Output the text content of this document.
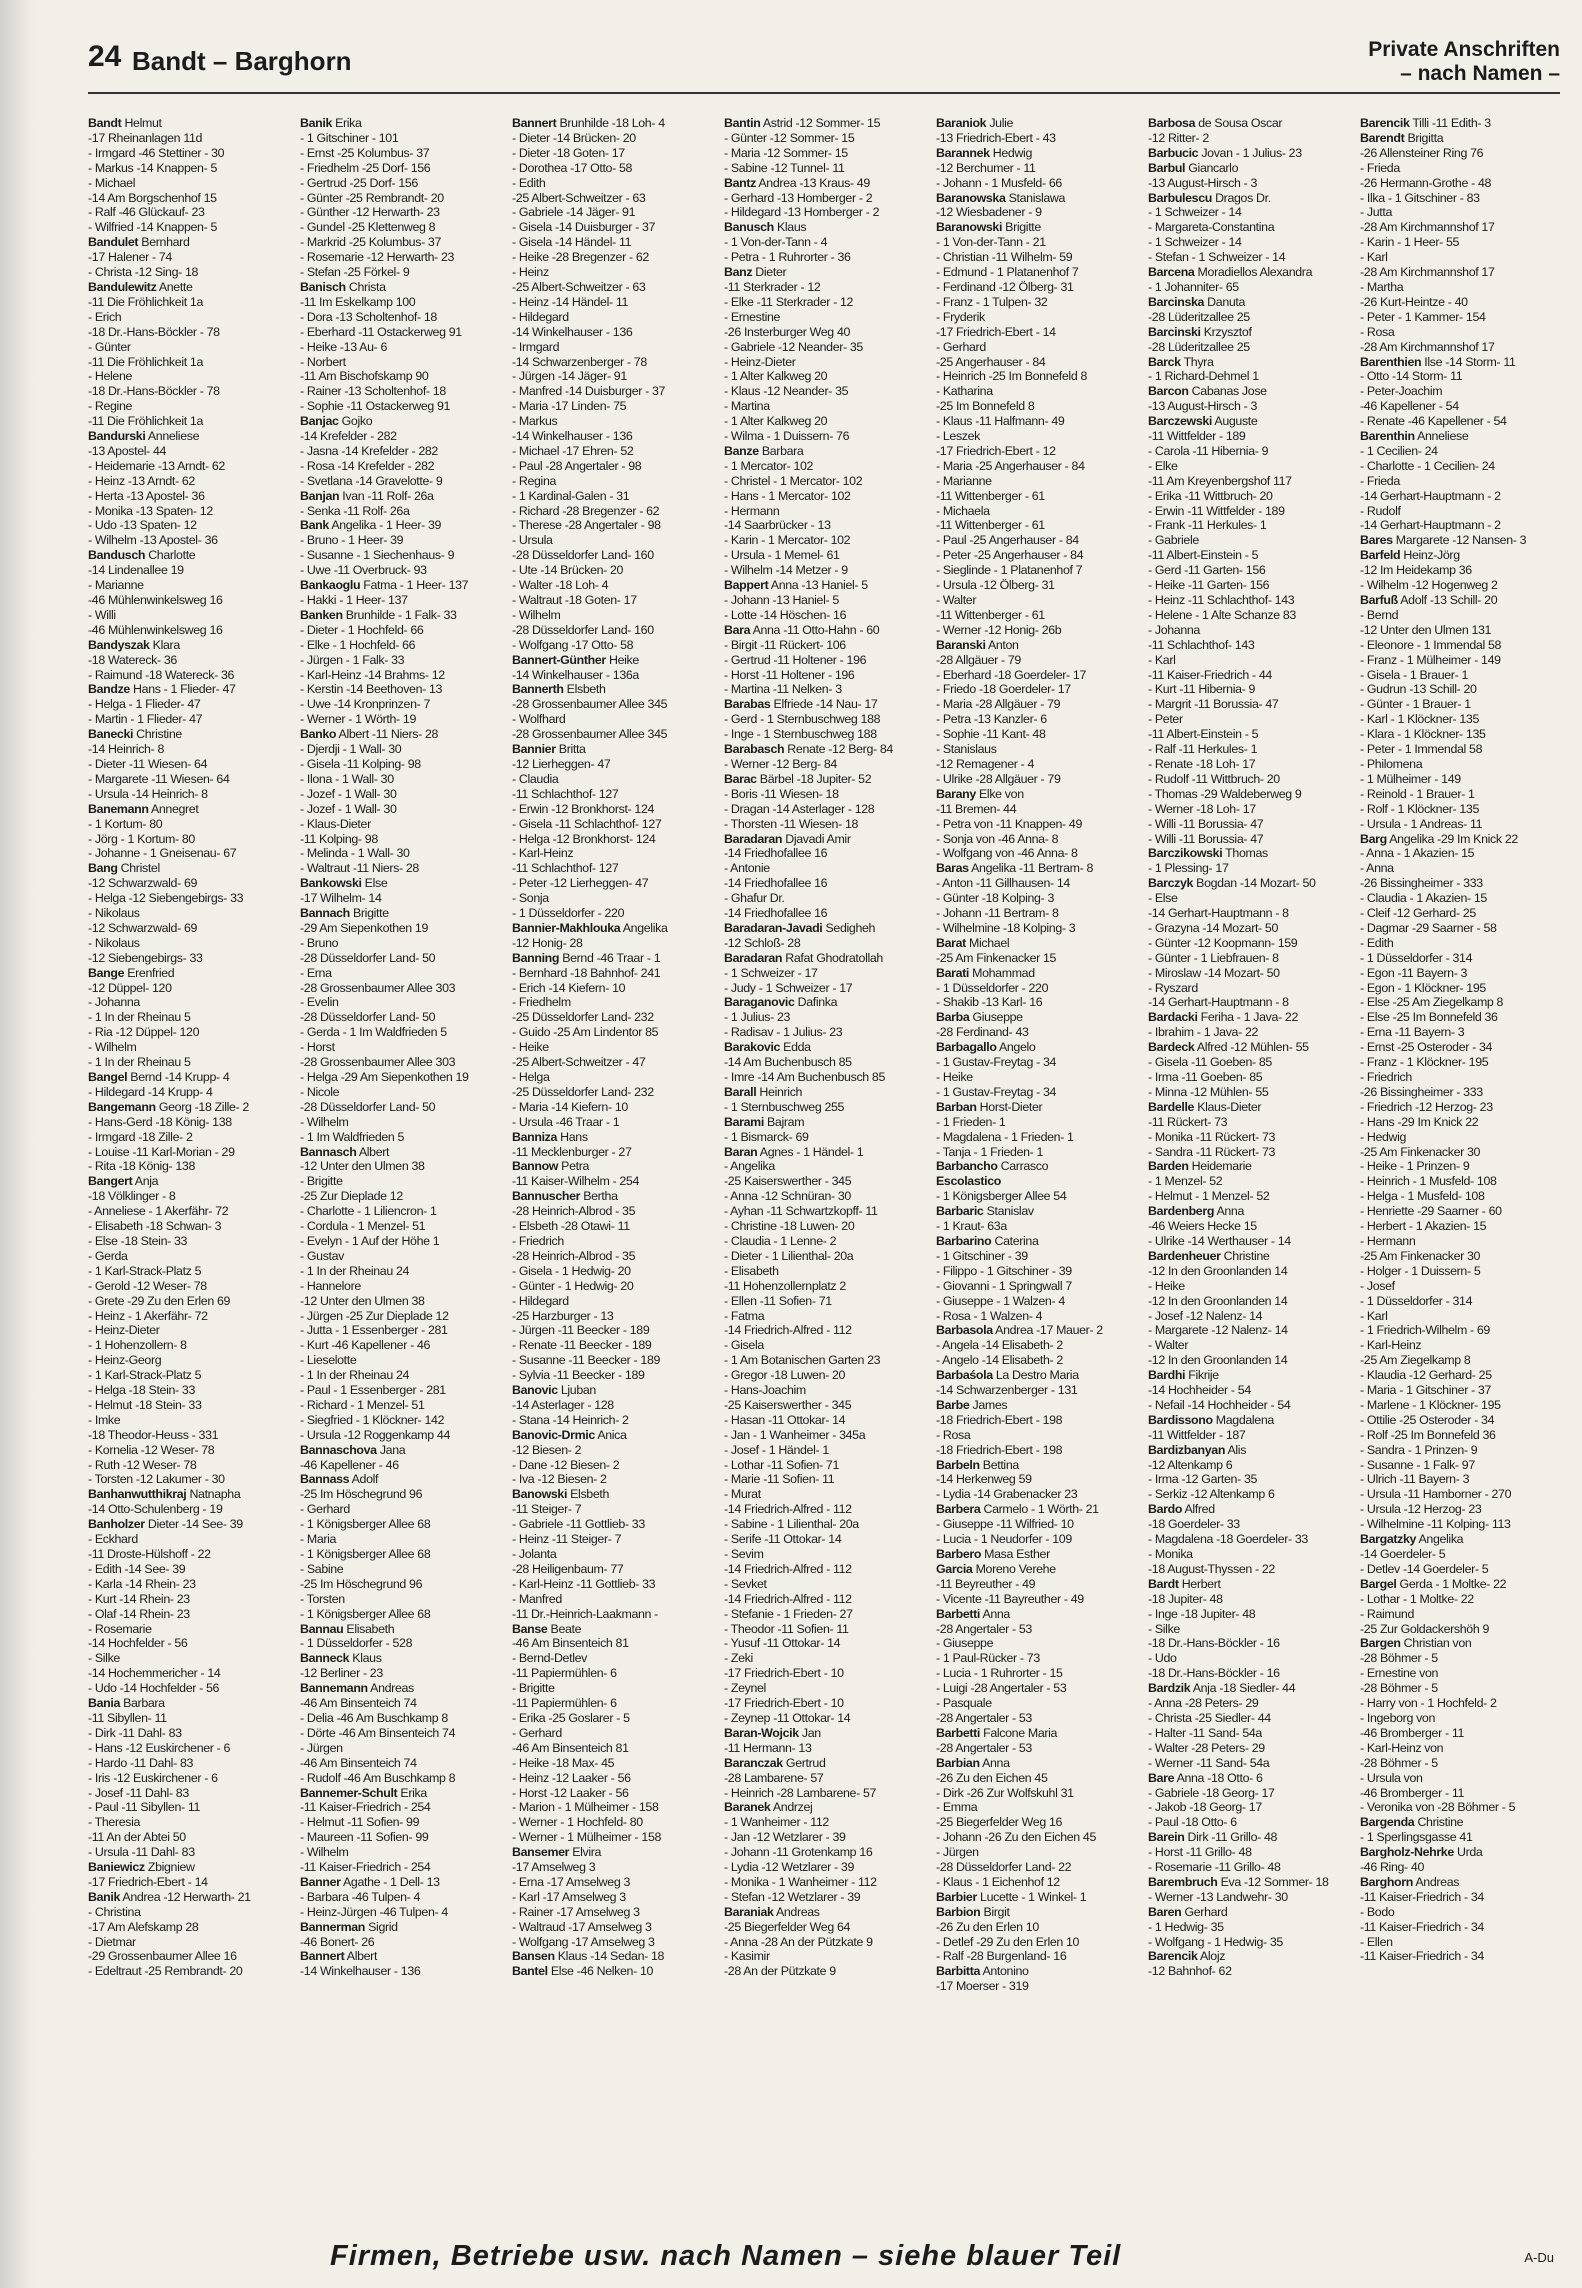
24 Bandt – Barghorn	Private Anschriften
– nach Namen –
Bandt Helmut
-17 Rheinanlagen 11d
- Irmgard -46 Stettiner - 30
- Markus -14 Knappen- 5
- Michael
-14 Am Borgschenhof 15
- Ralf -46 Glückauf- 23
- Wilfried -14 Knappen- 5
Bandulet Bernhard
-17 Halener - 74
- Christa -12 Sing- 18
Bandulewitz Anette
-11 Die Fröhlichkeit 1a
- Erich
-18 Dr.-Hans-Böckler - 78
- Günter
-11 Die Fröhlichkeit 1a
- Helene
-18 Dr.-Hans-Böckler - 78
- Regine
-11 Die Fröhlichkeit 1a
Bandurski Anneliese
-13 Apostel- 44
- Heidemarie -13 Arndt- 62
- Heinz -13 Arndt- 62
- Herta -13 Apostel- 36
- Monika -13 Spaten- 12
- Udo -13 Spaten- 12
- Wilhelm -13 Apostel- 36
Bandusch Charlotte
-14 Lindenallee 19
- Marianne
-46 Mühlenwinkelsweg 16
- Willi
-46 Mühlenwinkelsweg 16
Bandyszak Klara
-18 Watereck- 36
- Raimund -18 Watereck- 36
Bandze Hans - 1 Flieder- 47
- Helga - 1 Flieder- 47
- Martin - 1 Flieder- 47
Banecki Christine
-14 Heinrich- 8
- Dieter -11 Wiesen- 64
- Margarete -11 Wiesen- 64
- Ursula -14 Heinrich- 8
Banemann Annegret
- 1 Kortum- 80
- Jörg - 1 Kortum- 80
- Johanne - 1 Gneisenau- 67
Bang Christel
-12 Schwarzwald- 69
- Helga -12 Siebengebirgs- 33
- Nikolaus
-12 Schwarzwald- 69
- Nikolaus
-12 Siebengebirgs- 33
Bange Erenfried
-12 Düppel- 120
- Johanna
- 1 In der Rheinau 5
- Ria -12 Düppel- 120
- Wilhelm
- 1 In der Rheinau 5
Bangel Bernd -14 Krupp- 4
- Hildegard -14 Krupp- 4
Bangemann Georg -18 Zille- 2
- Hans-Gerd -18 König- 138
- Irmgard -18 Zille- 2
- Louise -11 Karl-Morian - 29
- Rita -18 König- 138
Bangert Anja
-18 Völklinger - 8
- Anneliese - 1 Akerfähr- 72
- Elisabeth -18 Schwan- 3
- Else -18 Stein- 33
- Gerda
- 1 Karl-Strack-Platz 5
- Gerold -12 Weser- 78
- Grete -29 Zu den Erlen 69
- Heinz - 1 Akerfähr- 72
- Heinz-Dieter
- 1 Hohenzollern- 8
- Heinz-Georg
- 1 Karl-Strack-Platz 5
- Helga -18 Stein- 33
- Helmut -18 Stein- 33
- Imke
-18 Theodor-Heuss - 331
- Kornelia -12 Weser- 78
- Ruth -12 Weser- 78
- Torsten -12 Lakumer - 30
Banhanwutthikraj Natnapha
-14 Otto-Schulenberg - 19
Banholzer Dieter -14 See- 39
- Eckhard
-11 Droste-Hülshoff - 22
- Edith -14 See- 39
- Karla -14 Rhein- 23
- Kurt -14 Rhein- 23
- Olaf -14 Rhein- 23
- Rosemarie
-14 Hochfelder - 56
- Silke
-14 Hochemmericher - 14
- Udo -14 Hochfelder - 56
Bania Barbara
-11 Sibyllen- 11
- Dirk -11 Dahl- 83
- Hans -12 Euskirchener - 6
- Hardo -11 Dahl- 83
- Iris -12 Euskirchener - 6
- Josef -11 Dahl- 83
- Paul -11 Sibyllen- 11
- Theresia
-11 An der Abtei 50
- Ursula -11 Dahl- 83
Baniewicz Zbigniew
-17 Friedrich-Ebert - 14
Banik Andrea -12 Herwarth- 21
- Christina
-17 Am Alefskamp 28
- Dietmar
-29 Grossenbaumer Allee 16
- Edeltraut -25 Rembrandt- 20
Banik Erika
- 1 Gitschiner - 101
- Ernst -25 Kolumbus- 37
- Friedhelm -25 Dorf- 156
- Gertrud -25 Dorf- 156
- Günter -25 Rembrandt- 20
- Günther -12 Herwarth- 23
- Gundel -25 Klettenweg 8
- Markrid -25 Kolumbus- 37
- Rosemarie -12 Herwarth- 23
- Stefan -25 Förkel- 9
Banisch Christa
-11 Im Eskelkamp 100
- Dora -13 Scholtenhof- 18
- Eberhard -11 Ostackerweg 91
- Heike -13 Au- 6
- Norbert
-11 Am Bischofskamp 90
- Rainer -13 Scholtenhof- 18
- Sophie -11 Ostackerweg 91
Banjac Gojko
-14 Krefelder - 282
- Jasna -14 Krefelder - 282
- Rosa -14 Krefelder - 282
- Svetlana -14 Gravelotte- 9
Banjan Ivan -11 Rolf- 26a
- Senka -11 Rolf- 26a
Bank Angelika - 1 Heer- 39
- Bruno - 1 Heer- 39
- Susanne - 1 Siechenhaus- 9
- Uwe -11 Overbruck- 93
Bankaoglu Fatma - 1 Heer- 137
- Hakki - 1 Heer- 137
Banken Brunhilde - 1 Falk- 33
- Dieter - 1 Hochfeld- 66
- Elke - 1 Hochfeld- 66
- Jürgen - 1 Falk- 33
- Karl-Heinz -14 Brahms- 12
- Kerstin -14 Beethoven- 13
- Uwe -14 Kronprinzen- 7
- Werner - 1 Wörth- 19
Banko Albert -11 Niers- 28
- Djerdji - 1 Wall- 30
- Gisela -11 Kolping- 98
- Ilona - 1 Wall- 30
- Jozef - 1 Wall- 30
- Jozef - 1 Wall- 30
- Klaus-Dieter
-11 Kolping- 98
- Melinda - 1 Wall- 30
- Waltraut -11 Niers- 28
Bankowski Else
-17 Wilhelm- 14
Bannach Brigitte
-29 Am Siepenkothen 19
- Bruno
-28 Düsseldorfer Land- 50
- Erna
-28 Grossenbaumer Allee 303
- Evelin
-28 Düsseldorfer Land- 50
- Gerda - 1 Im Waldfrieden 5
- Horst
-28 Grossenbaumer Allee 303
- Helga -29 Am Siepenkothen 19
- Nicole
-28 Düsseldorfer Land- 50
- Wilhelm
- 1 Im Waldfrieden 5
Bannasch Albert
-12 Unter den Ulmen 38
- Brigitte
-25 Zur Dieplade 12
- Charlotte - 1 Liliencron- 1
- Cordula - 1 Menzel- 51
- Evelyn - 1 Auf der Höhe 1
- Gustav
- 1 In der Rheinau 24
- Hannelore
-12 Unter den Ulmen 38
- Jürgen -25 Zur Dieplade 12
- Jutta - 1 Essenberger - 281
- Kurt -46 Kapellener - 46
- Lieselotte
- 1 In der Rheinau 24
- Paul - 1 Essenberger - 281
- Richard - 1 Menzel- 51
- Siegfried - 1 Klöckner- 142
- Ursula -12 Roggenkamp 44
Bannaschova Jana
-46 Kapellener - 46
Bannass Adolf
-25 Im Höschegrund 96
- Gerhard
- 1 Königsberger Allee 68
- Maria
- 1 Königsberger Allee 68
- Sabine
-25 Im Höschegrund 96
- Torsten
- 1 Königsberger Allee 68
Bannau Elisabeth
- 1 Düsseldorfer - 528
Banneck Klaus
-12 Berliner - 23
Bannemann Andreas
-46 Am Binsenteich 74
- Delia -46 Am Buschkamp 8
- Dörte -46 Am Binsenteich 74
- Jürgen
-46 Am Binsenteich 74
- Rudolf -46 Am Buschkamp 8
Bannemer-Schult Erika
-11 Kaiser-Friedrich - 254
- Helmut -11 Sofien- 99
- Maureen -11 Sofien- 99
- Wilhelm
-11 Kaiser-Friedrich - 254
Banner Agathe - 1 Dell- 13
- Barbara -46 Tulpen- 4
- Heinz-Jürgen -46 Tulpen- 4
Bannerman Sigrid
-46 Bonert- 26
Bannert Albert
-14 Winkelhauser - 136
Bannert Brunhilde -18 Loh- 4
- Dieter -14 Brücken- 20
- Dieter -18 Goten- 17
- Dorothea -17 Otto- 58
- Edith
-25 Albert-Schweitzer - 63
- Gabriele -14 Jäger- 91
- Gisela -14 Duisburger - 37
- Gisela -14 Händel- 11
- Heike -28 Bregenzer - 62
- Heinz
-25 Albert-Schweitzer - 63
- Heinz -14 Händel- 11
- Hildegard
-14 Winkelhauser - 136
- Irmgard
-14 Schwarzenberger - 78
- Jürgen -14 Jäger- 91
- Manfred -14 Duisburger - 37
- Maria -17 Linden- 75
- Markus
-14 Winkelhauser - 136
- Michael -17 Ehren- 52
- Paul -28 Angertaler - 98
- Regina
- 1 Kardinal-Galen - 31
- Richard -28 Bregenzer - 62
- Therese -28 Angertaler - 98
- Ursula
-28 Düsseldorfer Land- 160
- Ute -14 Brücken- 20
- Walter -18 Loh- 4
- Waltraut -18 Goten- 17
- Wilhelm
-28 Düsseldorfer Land- 160
- Wolfgang -17 Otto- 58
Bannert-Günther Heike
-14 Winkelhauser - 136a
Bannerth Elsbeth
-28 Grossenbaumer Allee 345
- Wolfhard
-28 Grossenbaumer Allee 345
Bannier Britta
-12 Lierheggen- 47
- Claudia
-11 Schlachthof- 127
- Erwin -12 Bronkhorst- 124
- Gisela -11 Schlachthof- 127
- Helga -12 Bronkhorst- 124
- Karl-Heinz
-11 Schlachthof- 127
- Peter -12 Lierheggen- 47
- Sonja
- 1 Düsseldorfer - 220
Bannier-Makhlouka Angelika
-12 Honig- 28
Banning Bernd -46 Traar - 1
- Bernhard -18 Bahnhof- 241
- Erich -14 Kiefern- 10
- Friedhelm
-25 Düsseldorfer Land- 232
- Guido -25 Am Lindentor 85
- Heike
-25 Albert-Schweitzer - 47
- Helga
-25 Düsseldorfer Land- 232
- Maria -14 Kiefern- 10
- Ursula -46 Traar - 1
Banniza Hans
-11 Mecklenburger - 27
Bannow Petra
-11 Kaiser-Wilhelm - 254
Bannuscher Bertha
-28 Heinrich-Albrod - 35
- Elsbeth -28 Otawi- 11
- Friedrich
-28 Heinrich-Albrod - 35
- Gisela - 1 Hedwig- 20
- Günter - 1 Hedwig- 20
- Hildegard
-25 Harzburger - 13
- Jürgen -11 Beecker - 189
- Renate -11 Beecker - 189
- Susanne -11 Beecker - 189
- Sylvia -11 Beecker - 189
Banovic Ljuban
-14 Asterlager - 128
- Stana -14 Heinrich- 2
Banovic-Drmic Anica
-12 Biesen- 2
- Dane -12 Biesen- 2
- Iva -12 Biesen- 2
Banowski Elsbeth
-11 Steiger- 7
- Gabriele -11 Gottlieb- 33
- Heinz -11 Steiger- 7
- Jolanta
-28 Heiligenbaum- 77
- Karl-Heinz -11 Gottlieb- 33
- Manfred
-11 Dr.-Heinrich-Laakmann -
Banse Beate
-46 Am Binsenteich 81
- Bernd-Detlev
-11 Papiermühlen- 6
- Brigitte
-11 Papiermühlen- 6
- Erika -25 Goslarer - 5
- Gerhard
-46 Am Binsenteich 81
- Heike -18 Max- 45
- Heinz -12 Laaker - 56
- Horst -12 Laaker - 56
- Marion - 1 Mülheimer - 158
- Werner - 1 Hochfeld- 80
- Werner - 1 Mülheimer - 158
Bansemer Elvira
-17 Amselweg 3
- Erna -17 Amselweg 3
- Karl -17 Amselweg 3
- Rainer -17 Amselweg 3
- Waltraud -17 Amselweg 3
- Wolfgang -17 Amselweg 3
Bansen Klaus -14 Sedan- 18
Bantel Else -46 Nelken- 10
Bantin Astrid -12 Sommer- 15
- Günter -12 Sommer- 15
- Maria -12 Sommer- 15
- Sabine -12 Tunnel- 11
Bantz Andrea -13 Kraus- 49
- Gerhard -13 Homberger - 2
- Hildegard -13 Homberger - 2
Banusch Klaus
- 1 Von-der-Tann - 4
- Petra - 1 Ruhrorter - 36
Banz Dieter
-11 Sterkrader - 12
- Elke -11 Sterkrader - 12
- Ernestine
-26 Insterburger Weg 40
- Gabriele -12 Neander- 35
- Heinz-Dieter
- 1 Alter Kalkweg 20
- Klaus -12 Neander- 35
- Martina
- 1 Alter Kalkweg 20
- Wilma - 1 Duissern- 76
Banze Barbara
- 1 Mercator- 102
- Christel - 1 Mercator- 102
- Hans - 1 Mercator- 102
- Hermann
-14 Saarbrücker - 13
- Karin - 1 Mercator- 102
- Ursula - 1 Memel- 61
- Wilhelm -14 Metzer - 9
Bappert Anna -13 Haniel- 5
- Johann -13 Haniel- 5
- Lotte -14 Höschen- 16
Bara Anna -11 Otto-Hahn - 60
- Birgit -11 Rückert- 106
- Gertrud -11 Holtener - 196
- Horst -11 Holtener - 196
- Martina -11 Nelken- 3
Barabas Elfriede -14 Nau- 17
- Gerd - 1 Sternbuschweg 188
- Inge - 1 Sternbuschweg 188
Barabasch Renate -12 Berg- 84
- Werner -12 Berg- 84
Barac Bärbel -18 Jupiter- 52
- Boris -11 Wiesen- 18
- Dragan -14 Asterlager - 128
- Thorsten -11 Wiesen- 18
Baradaran Djavadi Amir
-14 Friedhofallee 16
- Antonie
-14 Friedhofallee 16
- Ghafur Dr.
-14 Friedhofallee 16
Baradaran-Javadi Sedigheh
-12 Schloß- 28
Baradaran Rafat Ghodratollah
- 1 Schweizer - 17
- Judy - 1 Schweizer - 17
Baraganovic Dafinka
- 1 Julius- 23
- Radisav - 1 Julius- 23
Barakovic Edda
-14 Am Buchenbusch 85
- Imre -14 Am Buchenbusch 85
Barall Heinrich
- 1 Sternbuschweg 255
Barami Bajram
- 1 Bismarck- 69
Baran Agnes - 1 Händel- 1
- Angelika
-25 Kaiserswerther - 345
- Anna -12 Schnüran- 30
- Ayhan -11 Schwartzkopff- 11
- Christine -18 Luwen- 20
- Claudia - 1 Lenne- 2
- Dieter - 1 Lilienthal- 20a
- Elisabeth
-11 Hohenzollernplatz 2
- Ellen -11 Sofien- 71
- Fatma
-14 Friedrich-Alfred - 112
- Gisela
- 1 Am Botanischen Garten 23
- Gregor -18 Luwen- 20
- Hans-Joachim
-25 Kaiserswerther - 345
- Hasan -11 Ottokar- 14
- Jan - 1 Wanheimer - 345a
- Josef - 1 Händel- 1
- Lothar -11 Sofien- 71
- Marie -11 Sofien- 11
- Murat
-14 Friedrich-Alfred - 112
- Sabine - 1 Lilienthal- 20a
- Serife -11 Ottokar- 14
- Sevim
-14 Friedrich-Alfred - 112
- Sevket
-14 Friedrich-Alfred - 112
- Stefanie - 1 Frieden- 27
- Theodor -11 Sofien- 11
- Yusuf -11 Ottokar- 14
- Zeki
-17 Friedrich-Ebert - 10
- Zeynel
-17 Friedrich-Ebert - 10
- Zeynep -11 Ottokar- 14
Baran-Wojcik Jan
-11 Hermann- 13
Baranczak Gertrud
-28 Lambarene- 57
- Heinrich -28 Lambarene- 57
Baranek Andrzej
- 1 Wanheimer - 112
- Jan -12 Wetzlarer - 39
- Johann -11 Grotenkamp 16
- Lydia -12 Wetzlarer - 39
- Monika - 1 Wanheimer - 112
- Stefan -12 Wetzlarer - 39
Baraniak Andreas
-25 Biegerfelder Weg 64
- Anna -28 An der Pützkate 9
- Kasimir
-28 An der Pützkate 9
Baraniok Julie
-13 Friedrich-Ebert - 43
Barannek Hedwig
-12 Berchumer - 11
- Johann - 1 Musfeld- 66
Baranowska Stanislawa
-12 Wiesbadener - 9
Baranowski Brigitte
- 1 Von-der-Tann - 21
- Christian -11 Wilhelm- 59
- Edmund - 1 Platanenhof 7
- Ferdinand -12 Ölberg- 31
- Franz - 1 Tulpen- 32
- Fryderik
-17 Friedrich-Ebert - 14
- Gerhard
-25 Angerhauser - 84
- Heinrich -25 Im Bonnefeld 8
- Katharina
-25 Im Bonnefeld 8
- Klaus -11 Halfmann- 49
- Leszek
-17 Friedrich-Ebert - 12
- Maria -25 Angerhauser - 84
- Marianne
-11 Wittenberger - 61
- Michaela
-11 Wittenberger - 61
- Paul -25 Angerhauser - 84
- Peter -25 Angerhauser - 84
- Sieglinde - 1 Platanenhof 7
- Ursula -12 Ölberg- 31
- Walter
-11 Wittenberger - 61
- Werner -12 Honig- 26b
Baranski Anton
-28 Allgäuer - 79
- Eberhard -18 Goerdeler- 17
- Friedo -18 Goerdeler- 17
- Maria -28 Allgäuer - 79
- Petra -13 Kanzler- 6
- Sophie -11 Kant- 48
- Stanislaus
-12 Remagener - 4
- Ulrike -28 Allgäuer - 79
Barany Elke von
-11 Bremen- 44
- Petra von -11 Knappen- 49
- Sonja von -46 Anna- 8
- Wolfgang von -46 Anna- 8
Baras Angelika -11 Bertram- 8
- Anton -11 Gillhausen- 14
- Günter -18 Kolping- 3
- Johann -11 Bertram- 8
- Wilhelmine -18 Kolping- 3
Barat Michael
-25 Am Finkenacker 15
Barati Mohammad
- 1 Düsseldorfer - 220
- Shakib -13 Karl- 16
Barba Giuseppe
-28 Ferdinand- 43
Barbagallo Angelo
- 1 Gustav-Freytag - 34
- Heike
- 1 Gustav-Freytag - 34
Barban Horst-Dieter
- 1 Frieden- 1
- Magdalena - 1 Frieden- 1
- Tanja - 1 Frieden- 1
Barbancho Carrasco
Escolastico
- 1 Königsberger Allee 54
Barbaric Stanislav
- 1 Kraut- 63a
Barbarino Caterina
- 1 Gitschiner - 39
- Filippo - 1 Gitschiner - 39
- Giovanni - 1 Springwall 7
- Giuseppe - 1 Walzen- 4
- Rosa - 1 Walzen- 4
Barbasola Andrea -17 Mauer- 2
- Angela -14 Elisabeth- 2
- Angelo -14 Elisabeth- 2
Barbaśola La Destro Maria
-14 Schwarzenberger - 131
Barbe James
-18 Friedrich-Ebert - 198
- Rosa
-18 Friedrich-Ebert - 198
Barbeln Bettina
-14 Herkenweg 59
- Lydia -14 Grabenacker 23
Barbera Carmelo - 1 Wörth- 21
- Giuseppe -11 Wilfried- 10
- Lucia - 1 Neudorfer - 109
Barbero Masa Esther
Garcia Moreno Verehe
-11 Beyreuther - 49
- Vicente -11 Bayreuther - 49
Barbetti Anna
-28 Angertaler - 53
- Giuseppe
- 1 Paul-Rücker - 73
- Lucia - 1 Ruhrorter - 15
- Luigi -28 Angertaler - 53
- Pasquale
-28 Angertaler - 53
Barbetti Falcone Maria
-28 Angertaler - 53
Barbian Anna
-26 Zu den Eichen 45
- Dirk -26 Zur Wolfskuhl 31
- Emma
-25 Biegerfelder Weg 16
- Johann -26 Zu den Eichen 45
- Jürgen
-28 Düsseldorfer Land- 22
- Klaus - 1 Eichenhof 12
Barbier Lucette - 1 Winkel- 1
Barbion Birgit
-26 Zu den Erlen 10
- Detlef -29 Zu den Erlen 10
- Ralf -28 Burgenland- 16
Barbitta Antonino
-17 Moerser - 319
Barbosa de Sousa Oscar
-12 Ritter- 2
Barbucic Jovan - 1 Julius- 23
Barbul Giancarlo
-13 August-Hirsch - 3
Barbulescu Dragos Dr.
- 1 Schweizer - 14
- Margareta-Constantina
- 1 Schweizer - 14
- Stefan - 1 Schweizer - 14
Barcena Moradiellos Alexandra
- 1 Johanniter- 65
Barcinska Danuta
-28 Lüderitzallee 25
Barcinski Krzysztof
-28 Lüderitzallee 25
Barck Thyra
- 1 Richard-Dehmel 1
Barcon Cabanas Jose
-13 August-Hirsch - 3
Barczewski Auguste
-11 Wittfelder - 189
- Carola -11 Hibernia- 9
- Elke
-11 Am Kreyenbergshof 117
- Erika -11 Wittbruch- 20
- Erwin -11 Wittfelder - 189
- Frank -11 Herkules- 1
- Gabriele
-11 Albert-Einstein - 5
- Gerd -11 Garten- 156
- Heike -11 Garten- 156
- Heinz -11 Schlachthof- 143
- Helene - 1 Alte Schanze 83
- Johanna
-11 Schlachthof- 143
- Karl
-11 Kaiser-Friedrich - 44
- Kurt -11 Hibernia- 9
- Margrit -11 Borussia- 47
- Peter
-11 Albert-Einstein - 5
- Ralf -11 Herkules- 1
- Renate -18 Loh- 17
- Rudolf -11 Wittbruch- 20
- Thomas -29 Waldeberweg 9
- Werner -18 Loh- 17
- Willi -11 Borussia- 47
- Willi -11 Borussia- 47
Barczikowski Thomas
- 1 Plessing- 17
Barczyk Bogdan -14 Mozart- 50
- Else
-14 Gerhart-Hauptmann - 8
- Grazyna -14 Mozart- 50
- Günter -12 Koopmann- 159
- Günter - 1 Liebfrauen- 8
- Miroslaw -14 Mozart- 50
- Ryszard
-14 Gerhart-Hauptmann - 8
Bardacki Feriha - 1 Java- 22
- Ibrahim - 1 Java- 22
Bardeck Alfred -12 Mühlen- 55
- Gisela -11 Goeben- 85
- Irma -11 Goeben- 85
- Minna -12 Mühlen- 55
Bardelle Klaus-Dieter
-11 Rückert- 73
- Monika -11 Rückert- 73
- Sandra -11 Rückert- 73
Barden Heidemarie
- 1 Menzel- 52
- Helmut - 1 Menzel- 52
Bardenberg Anna
-46 Weiers Hecke 15
- Ulrike -14 Werthauser - 14
Bardenheuer Christine
-12 In den Groonlanden 14
- Heike
-12 In den Groonlanden 14
- Josef -12 Nalenz- 14
- Margarete -12 Nalenz- 14
- Walter
-12 In den Groonlanden 14
Bardhi Fikrije
-14 Hochheider - 54
- Nefail -14 Hochheider - 54
Bardissono Magdalena
-11 Wittfelder - 187
Bardizbanyan Alis
-12 Altenkamp 6
- Irma -12 Garten- 35
- Serkiz -12 Altenkamp 6
Bardo Alfred
-18 Goerdeler- 33
- Magdalena -18 Goerdeler- 33
- Monika
-18 August-Thyssen - 22
Bardt Herbert
-18 Jupiter- 48
- Inge -18 Jupiter- 48
- Silke
-18 Dr.-Hans-Böckler - 16
- Udo
-18 Dr.-Hans-Böckler - 16
Bardzik Anja -18 Siedler- 44
- Anna -28 Peters- 29
- Christa -25 Siedler- 44
- Halter -11 Sand- 54a
- Walter -28 Peters- 29
- Werner -11 Sand- 54a
Bare Anna -18 Otto- 6
- Gabriele -18 Georg- 17
- Jakob -18 Georg- 17
- Paul -18 Otto- 6
Barein Dirk -11 Grillo- 48
- Horst -11 Grillo- 48
- Rosemarie -11 Grillo- 48
Barembruch Eva -12 Sommer- 18
- Werner -13 Landwehr- 30
Baren Gerhard
- 1 Hedwig- 35
- Wolfgang - 1 Hedwig- 35
Barencik Alojz
-12 Bahnhof- 62
Barencik Tilli -11 Edith- 3
Barendt Brigitta
-26 Allensteiner Ring 76
- Frieda
-26 Hermann-Grothe - 48
- Ilka - 1 Gitschiner - 83
- Jutta
-28 Am Kirchmannshof 17
- Karin - 1 Heer- 55
- Karl
-28 Am Kirchmannshof 17
- Martha
-26 Kurt-Heintze - 40
- Peter - 1 Kammer- 154
- Rosa
-28 Am Kirchmannshof 17
Barenthien Ilse -14 Storm- 11
- Otto -14 Storm- 11
- Peter-Joachim
-46 Kapellener - 54
- Renate -46 Kapellener - 54
Barenthin Anneliese
- 1 Cecilien- 24
- Charlotte - 1 Cecilien- 24
- Frieda
-14 Gerhart-Hauptmann - 2
- Rudolf
-14 Gerhart-Hauptmann - 2
Bares Margarete -12 Nansen- 3
Barfeld Heinz-Jörg
-12 Im Heidekamp 36
- Wilhelm -12 Hogenweg 2
Barfuß Adolf -13 Schill- 20
- Bernd
-12 Unter den Ulmen 131
- Eleonore - 1 Immendal 58
- Franz - 1 Mülheimer - 149
- Gisela - 1 Brauer- 1
- Gudrun -13 Schill- 20
- Günter - 1 Brauer- 1
- Karl - 1 Klöckner- 135
- Klara - 1 Klöckner- 135
- Peter - 1 Immendal 58
- Philomena
- 1 Mülheimer - 149
- Reinold - 1 Brauer- 1
- Rolf - 1 Klöckner- 135
- Ursula - 1 Andreas- 11
Barg Angelika -29 Im Knick 22
- Anna - 1 Akazien- 15
- Anna
-26 Bissingheimer - 333
- Claudia - 1 Akazien- 15
- Cleif -12 Gerhard- 25
- Dagmar -29 Saarner - 58
- Edith
- 1 Düsseldorfer - 314
- Egon -11 Bayern- 3
- Egon - 1 Klöckner- 195
- Else -25 Am Ziegelkamp 8
- Else -25 Im Bonnefeld 36
- Erna -11 Bayern- 3
- Ernst -25 Osteroder - 34
- Franz - 1 Klöckner- 195
- Friedrich
-26 Bissingheimer - 333
- Friedrich -12 Herzog- 23
- Hans -29 Im Knick 22
- Hedwig
-25 Am Finkenacker 30
- Heike - 1 Prinzen- 9
- Heinrich - 1 Musfeld- 108
- Helga - 1 Musfeld- 108
- Henriette -29 Saarner - 60
- Herbert - 1 Akazien- 15
- Hermann
-25 Am Finkenacker 30
- Holger - 1 Duissern- 5
- Josef
- 1 Düsseldorfer - 314
- Karl
- 1 Friedrich-Wilhelm - 69
- Karl-Heinz
-25 Am Ziegelkamp 8
- Klaudia -12 Gerhard- 25
- Maria - 1 Gitschiner - 37
- Marlene - 1 Klöckner- 195
- Ottilie -25 Osteroder - 34
- Rolf -25 Im Bonnefeld 36
- Sandra - 1 Prinzen- 9
- Susanne - 1 Falk- 97
- Ulrich -11 Bayern- 3
- Ursula -11 Hamborner - 270
- Ursula -12 Herzog- 23
- Wilhelmine -11 Kolping- 113
Bargatzky Angelika
-14 Goerdeler- 5
- Detlev -14 Goerdeler- 5
Bargel Gerda - 1 Moltke- 22
- Lothar - 1 Moltke- 22
- Raimund
-25 Zur Goldackershöh 9
Bargen Christian von
-28 Böhmer - 5
- Ernestine von
-28 Böhmer - 5
- Harry von - 1 Hochfeld- 2
- Ingeborg von
-46 Bromberger - 11
- Karl-Heinz von
-28 Böhmer - 5
- Ursula von
-46 Bromberger - 11
- Veronika von -28 Böhmer - 5
Bargenda Christine
- 1 Sperlingsgasse 41
Bargholz-Nehrke Urda
-46 Ring- 40
Barghorn Andreas
-11 Kaiser-Friedrich - 34
- Bodo
-11 Kaiser-Friedrich - 34
- Ellen
-11 Kaiser-Friedrich - 34
Firmen, Betriebe usw. nach Namen – siehe blauer Teil	A-Du
